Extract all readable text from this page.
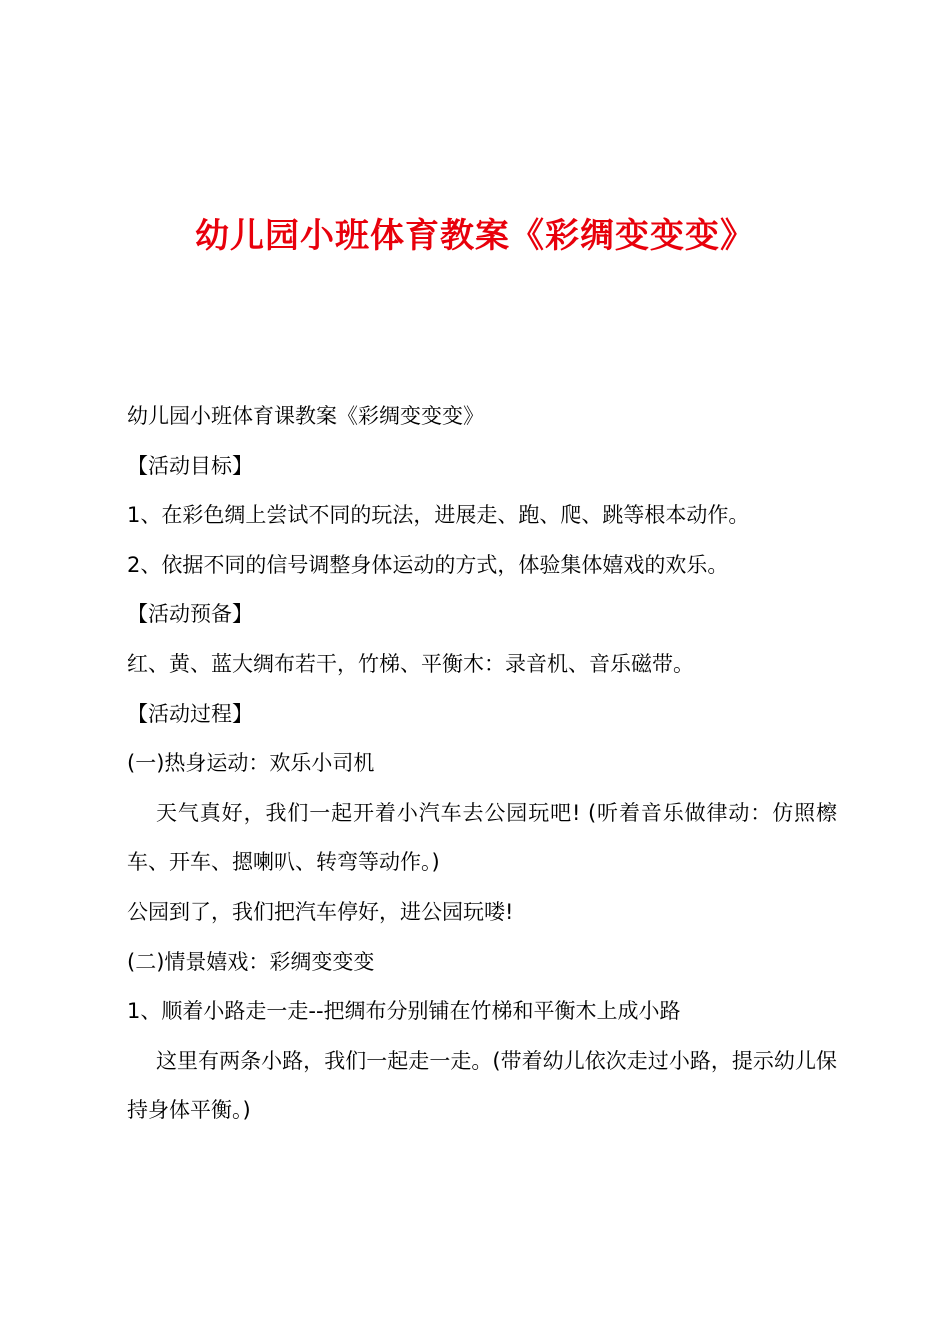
幼儿园小班体育教案《彩绸变变变》

幼儿园小班体育课教案《彩绸变变变》

【活动目标】

1、在彩色绸上尝试不同的玩法，进展走、跑、爬、跳等根本动作。

2、依据不同的信号调整身体运动的方式，体验集体嬉戏的欢乐。

【活动预备】

红、黄、蓝大绸布若干，竹梯、平衡木：录音机、音乐磁带。

【活动过程】

(一)热身运动：欢乐小司机

天气真好，我们一起开着小汽车去公园玩吧! (听着音乐做律动：仿照檫车、开车、摁喇叭、转弯等动作。)

公园到了，我们把汽车停好，进公园玩喽!

(二)情景嬉戏：彩绸变变变

1、顺着小路走一走--把绸布分别铺在竹梯和平衡木上成小路

这里有两条小路，我们一起走一走。(带着幼儿依次走过小路，提示幼儿保持身体平衡。)
